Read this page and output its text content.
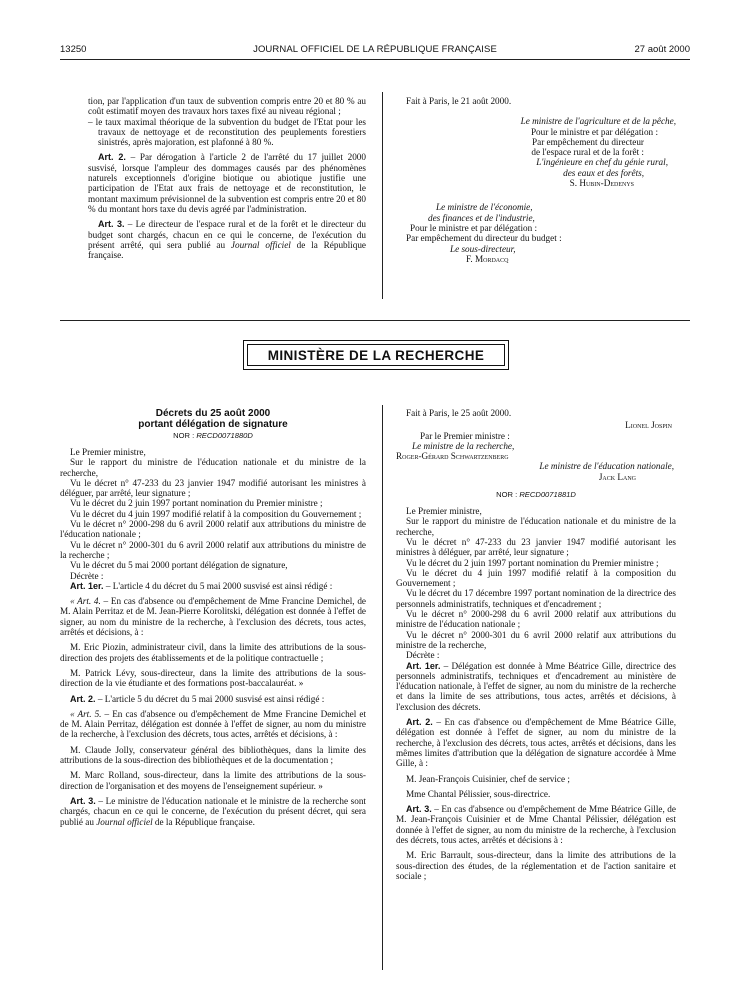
13250	JOURNAL OFFICIEL DE LA RÉPUBLIQUE FRANÇAISE	27 août 2000

tion, par l'application d'un taux de subvention compris entre 20 et 80 % au coût estimatif moyen des travaux hors taxes fixé au niveau régional ;

– le taux maximal théorique de la subvention du budget de l'Etat pour les travaux de nettoyage et de reconstitution des peuplements forestiers sinistrés, après majoration, est plafonné à 80 %.

Art. 2. – Par dérogation à l'article 2 de l'arrêté du 17 juillet 2000 susvisé, lorsque l'ampleur des dommages causés par des phénomènes naturels exceptionnels d'origine biotique ou abiotique justifie une participation de l'Etat aux frais de nettoyage et de reconstitution, le montant maximum prévisionnel de la subvention est compris entre 20 et 80 % du montant hors taxe du devis agréé par l'administration.

Art. 3. – Le directeur de l'espace rural et de la forêt et le directeur du budget sont chargés, chacun en ce qui le concerne, de l'exécution du présent arrêté, qui sera publié au Journal officiel de la République française.

Fait à Paris, le 21 août 2000.

Le ministre de l'agriculture et de la pêche,

Pour le ministre et par délégation :

Par empêchement du directeur

de l'espace rural et de la forêt :

L'ingénieure en chef du génie rural,

des eaux et des forêts,

S. Hubin-Dedenys

Le ministre de l'économie,

des finances et de l'industrie,

Pour le ministre et par délégation :

Par empêchement du directeur du budget :

Le sous-directeur,

F. Mordacq

MINISTÈRE DE LA RECHERCHE
Décrets du 25 août 2000
portant délégation de signature
NOR : RECD0071880D

Le Premier ministre,

Sur le rapport du ministre de l'éducation nationale et du ministre de la recherche,

Vu le décret n° 47-233 du 23 janvier 1947 modifié autorisant les ministres à déléguer, par arrêté, leur signature ;

Vu le décret du 2 juin 1997 portant nomination du Premier ministre ;

Vu le décret du 4 juin 1997 modifié relatif à la composition du Gouvernement ;

Vu le décret n° 2000-298 du 6 avril 2000 relatif aux attributions du ministre de l'éducation nationale ;

Vu le décret n° 2000-301 du 6 avril 2000 relatif aux attributions du ministre de la recherche ;

Vu le décret du 5 mai 2000 portant délégation de signature,

Décrète :

Art. 1er. – L'article 4 du décret du 5 mai 2000 susvisé est ainsi rédigé :

« Art. 4. – En cas d'absence ou d'empêchement de Mme Francine Demichel, de M. Alain Perritaz et de M. Jean-Pierre Korolitski, délégation est donnée à l'effet de signer, au nom du ministre de la recherche, à l'exclusion des décrets, tous actes, arrêtés et décisions, à :

M. Eric Piozin, administrateur civil, dans la limite des attributions de la sous-direction des projets des établissements et de la politique contractuelle ;

M. Patrick Lévy, sous-directeur, dans la limite des attributions de la sous-direction de la vie étudiante et des formations post-baccalauréat. »

Art. 2. – L'article 5 du décret du 5 mai 2000 susvisé est ainsi rédigé :

« Art. 5. – En cas d'absence ou d'empêchement de Mme Francine Demichel et de M. Alain Perritaz, délégation est donnée à l'effet de signer, au nom du ministre de la recherche, à l'exclusion des décrets, tous actes, arrêtés et décisions, à :

M. Claude Jolly, conservateur général des bibliothèques, dans la limite des attributions de la sous-direction des bibliothèques et de la documentation ;

M. Marc Rolland, sous-directeur, dans la limite des attributions de la sous-direction de l'organisation et des moyens de l'enseignement supérieur. »

Art. 3. – Le ministre de l'éducation nationale et le ministre de la recherche sont chargés, chacun en ce qui le concerne, de l'exécution du présent décret, qui sera publié au Journal officiel de la République française.

Fait à Paris, le 25 août 2000.

Lionel Jospin

Par le Premier ministre :

Le ministre de la recherche,

Roger-Gérard Schwartzenberg

Le ministre de l'éducation nationale,

Jack Lang

NOR : RECD0071881D

Le Premier ministre,

Sur le rapport du ministre de l'éducation nationale et du ministre de la recherche,

Vu le décret n° 47-233 du 23 janvier 1947 modifié autorisant les ministres à déléguer, par arrêté, leur signature ;

Vu le décret du 2 juin 1997 portant nomination du Premier ministre ;

Vu le décret du 4 juin 1997 modifié relatif à la composition du Gouvernement ;

Vu le décret du 17 décembre 1997 portant nomination de la directrice des personnels administratifs, techniques et d'encadrement ;

Vu le décret n° 2000-298 du 6 avril 2000 relatif aux attributions du ministre de l'éducation nationale ;

Vu le décret n° 2000-301 du 6 avril 2000 relatif aux attributions du ministre de la recherche,

Décrète :

Art. 1er. – Délégation est donnée à Mme Béatrice Gille, directrice des personnels administratifs, techniques et d'encadrement au ministère de l'éducation nationale, à l'effet de signer, au nom du ministre de la recherche et dans la limite de ses attributions, tous actes, arrêtés et décisions, à l'exclusion des décrets.

Art. 2. – En cas d'absence ou d'empêchement de Mme Béatrice Gille, délégation est donnée à l'effet de signer, au nom du ministre de la recherche, à l'exclusion des décrets, tous actes, arrêtés et décisions, dans les mêmes limites d'attribution que la délégation de signature accordée à Mme Gille, à :

M. Jean-François Cuisinier, chef de service ;

Mme Chantal Pélissier, sous-directrice.

Art. 3. – En cas d'absence ou d'empêchement de Mme Béatrice Gille, de M. Jean-François Cuisinier et de Mme Chantal Pélissier, délégation est donnée à l'effet de signer, au nom du ministre de la recherche, à l'exclusion des décrets, tous actes, arrêtés et décisions à :

M. Eric Barrault, sous-directeur, dans la limite des attributions de la sous-direction des études, de la réglementation et de l'action sanitaire et sociale ;
